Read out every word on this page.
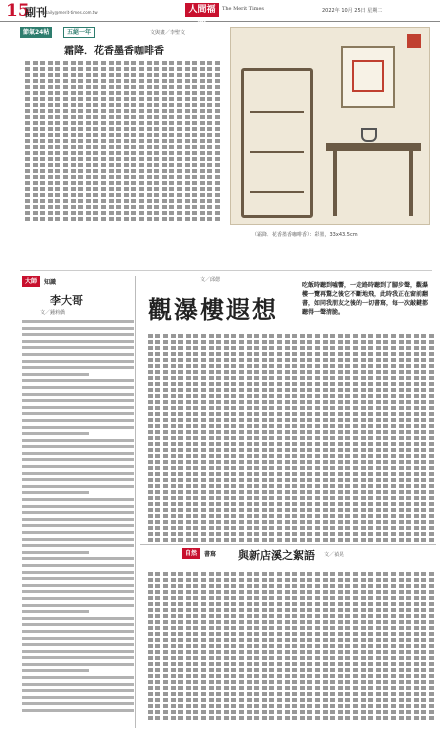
15
副刊
mdaily@merit-times.com.tw	人間福報
The Merit Times	2022年 10月 25日 星期二
節氣24帖	五絕一年	文與畫／李聖文
霜降．花香墨香咖啡香
（霜降．花香墨香咖啡香）：彩墨，33x43.5cm
大師	知識
李大哥
文／鍾莉僑
文／邱偲
觀瀑樓遐想
吃飯時聽到噓響，一走路時聽到了腳步聲，觀瀑樓一覽再驚之後它不斷地飛，此時我正在窗前翻書，如同我朋友之後的一切書寫，每一次敲鍵都聽得一聲清脆。
自然	書寫 與新店溪之絮語 文／禎晃
